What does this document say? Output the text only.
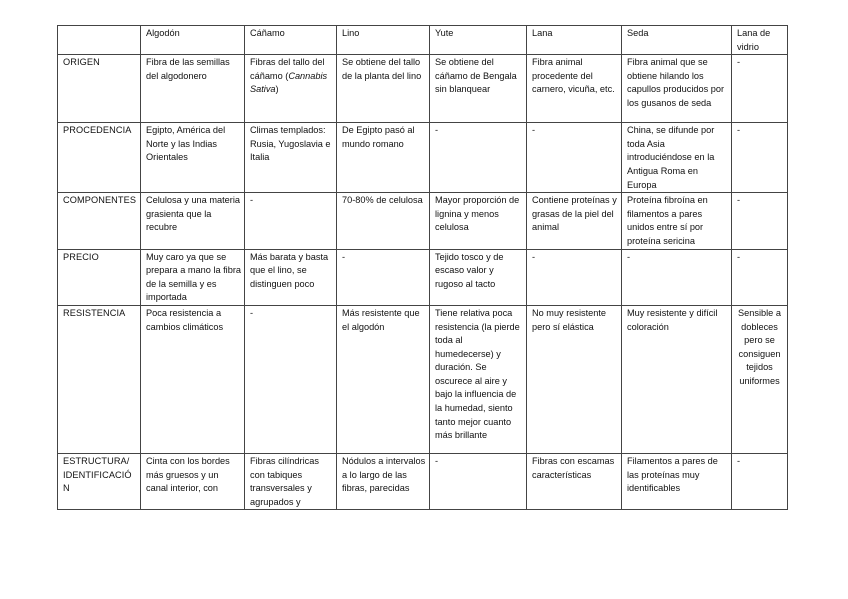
	Algodón	Cáñamo	Lino	Yute	Lana	Seda	Lana de vidrio
ORIGEN	Fibra de las semillas del algodonero	Fibras del tallo del cáñamo (Cannabis Sativa)	Se obtiene del tallo de la planta del lino	Se obtiene del cáñamo de Bengala sin blanquear	Fibra animal procedente del carnero, vicuña, etc.	Fibra animal que se obtiene hilando los capullos producidos por los gusanos de seda	-

PROCEDENCIA	Egipto, América del Norte y las Indias Orientales	Climas templados: Rusia, Yugoslavia e Italia	De Egipto pasó al mundo romano	-	-	China, se difunde por toda Asia introduciéndose en la Antigua Roma en Europa	-

COMPONENTES	Celulosa y una materia grasienta que la recubre	-	70-80% de celulosa	Mayor proporción de lignina y menos celulosa	Contiene proteínas y grasas de la piel del animal	Proteína fibroína en filamentos a pares unidos entre sí por proteína sericina	-

PRECIO	Muy caro ya que se prepara a mano la fibra de la semilla y es importada	Más barata y basta que el lino, se distinguen poco	-	Tejido tosco y de escaso valor y rugoso al tacto	-	-	-

RESISTENCIA	Poca resistencia a cambios climáticos	-	Más resistente que el algodón	Tiene relativa poca resistencia (la pierde toda al humedecerse) y duración. Se oscurece al aire y bajo la influencia de la humedad, siento tanto mejor cuanto más brillante	No muy resistente pero sí elástica	Muy resistente y difícil coloración	Sensible a dobleces pero se consiguen tejidos uniformes

ESTRUCTURA/ IDENTIFICACIÓN	Cinta con los bordes más gruesos y un canal interior, con	Fibras cilíndricas con tabiques transversales y agrupados y	Nódulos a intervalos a lo largo de las fibras, parecidas	-	Fibras con escamas características	Filamentos a pares de las proteínas muy identificables	-
